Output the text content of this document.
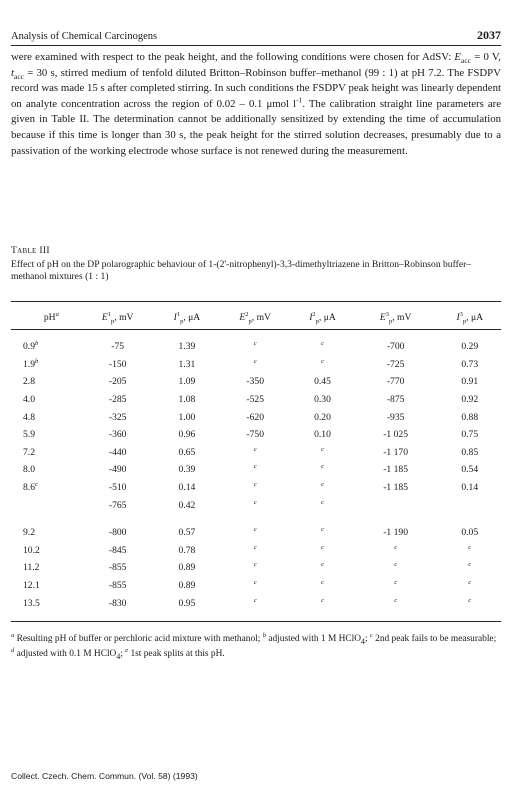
Analysis of Chemical Carcinogens	2037

were examined with respect to the peak height, and the following conditions were chosen for AdSV: $E_{acc} = 0$ V, $t_{acc} = 30$ s, stirred medium of tenfold diluted Britton–Robinson buffer–methanol (99 : 1) at pH 7.2. The FSDPV record was made 15 s after completed stirring. In such conditions the FSDPV peak height was linearly dependent on analyte concentration across the region of 0.02 – 0.1 μmol $l^{-1}$. The calibration straight line parameters are given in Table II. The determination cannot be additionally sensitized by extending the time of accumulation because if this time is longer than 30 s, the peak height for the stirred solution decreases, presumably due to a passivation of the working electrode whose surface is not renewed during the measurement.

Table III
Effect of pH on the DP polarographic behaviour of 1-(2'-nitrophenyl)-3,3-dimethyltriazene in Britton–Robinson buffer–methanol mixtures (1 : 1)
$pH^a$	$E^1_p$, mV	$I^1_p$, μA	$E^2_p$, mV	$I^2_p$, μA	$E^3_p$, mV	$I^3_p$, μA

0.9$^b$	-75	1.39	$^c$	$^c$	-700	0.29
1.9$^b$	-150	1.31	$^c$	$^c$	-725	0.73
2.8	-205	1.09	-350	0.45	-770	0.91
4.0	-285	1.08	-525	0.30	-875	0.92
4.8	-325	1.00	-620	0.20	-935	0.88
5.9	-360	0.96	-750	0.10	-1 025	0.75
7.2	-440	0.65	$^c$	$^c$	-1 170	0.85
8.0	-490	0.39	$^c$	$^c$	-1 185	0.54
8.6$^c$	-510	0.14	$^c$	$^c$	-1 185	0.14
	-765	0.42	$^c$	$^c$		

9.2	-800	0.57	$^c$	$^c$	-1 190	0.05
10.2	-845	0.78	$^c$	$^c$	$^c$	$^c$
11.2	-855	0.89	$^c$	$^c$	$^c$	$^c$
12.1	-855	0.89	$^c$	$^c$	$^c$	$^c$
13.5	-830	0.95	$^c$	$^c$	$^c$	$^c$

$^a$ Resulting pH of buffer or perchloric acid mixture with methanol; $^b$ adjusted with 1 M HClO$_4$; $^c$ 2nd peak fails to be measurable; $^d$ adjusted with 0.1 M HClO$_4$; $^e$ 1st peak splits at this pH.

Collect. Czech. Chem. Commun. (Vol. 58) (1993)
